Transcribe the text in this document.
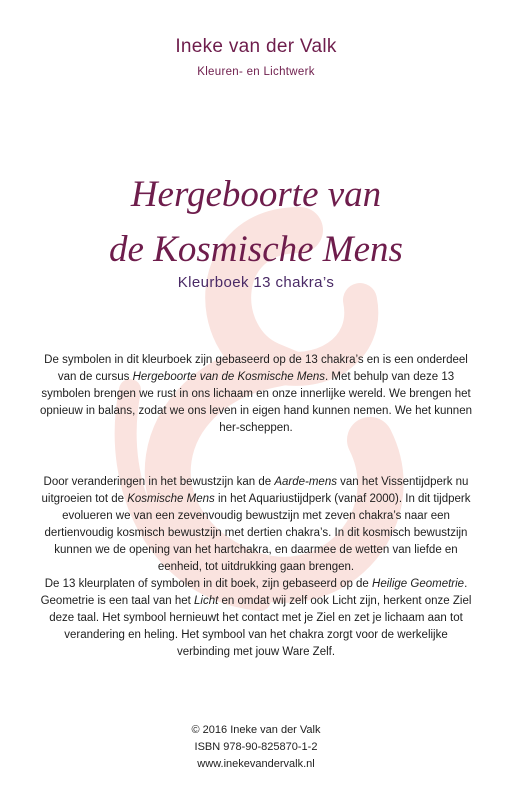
Ineke van der Valk
Kleuren- en Lichtwerk
Hergeboorte van
de Kosmische Mens
Kleurboek 13 chakra’s
De symbolen in dit kleurboek zijn gebaseerd op de 13 chakra’s en is een onderdeel van de cursus Hergeboorte van de Kosmische Mens. Met behulp van deze 13 symbolen brengen we rust in ons lichaam en onze innerlijke wereld. We brengen het opnieuw in balans, zodat we ons leven in eigen hand kunnen nemen. We het kunnen her-scheppen.
Door veranderingen in het bewustzijn kan de Aarde-mens van het Vissentijdperk nu uitgroeien tot de Kosmische Mens in het Aquariustijdperk (vanaf 2000). In dit tijdperk evolueren we van een zevenvoudig bewustzijn met zeven chakra’s naar een dertienvoudig kosmisch bewustzijn met dertien chakra’s. In dit kosmisch bewustzijn kunnen we de opening van het hartchakra, en daarmee de wetten van liefde en eenheid, tot uitdrukking gaan brengen.
De 13 kleurplaten of symbolen in dit boek, zijn gebaseerd op de Heilige Geometrie. Geometrie is een taal van het Licht en omdat wij zelf ook Licht zijn, herkent onze Ziel deze taal. Het symbool hernieuwt het contact met je Ziel en zet je lichaam aan tot verandering en heling. Het symbool van het chakra zorgt voor de werkelijke verbinding met jouw Ware Zelf.
© 2016 Ineke van der Valk
ISBN 978-90-825870-1-2
www.inekevandervalk.nl
